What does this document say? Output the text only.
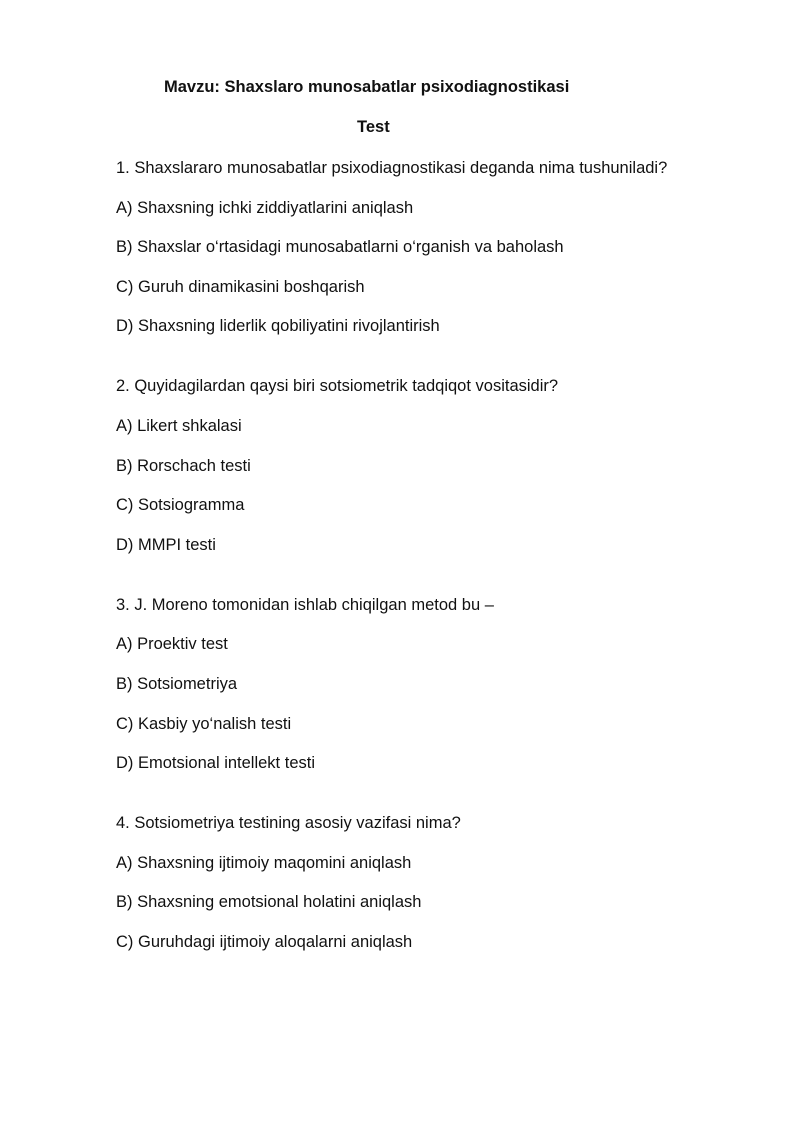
Mavzu: Shaxslaro munosabatlar psixodiagnostikasi
Test
1. Shaxslararo munosabatlar psixodiagnostikasi deganda nima tushuniladi?
A) Shaxsning ichki ziddiyatlarini aniqlash
B) Shaxslar o‘rtasidagi munosabatlarni o‘rganish va baholash
C) Guruh dinamikasini boshqarish
D) Shaxsning liderlik qobiliyatini rivojlantirish
2. Quyidagilardan qaysi biri sotsiometrik tadqiqot vositasidir?
A) Likert shkalasi
B) Rorschach testi
C) Sotsiogramma
D) MMPI testi
3. J. Moreno tomonidan ishlab chiqilgan metod bu –
A) Proektiv test
B) Sotsiometriya
C) Kasbiy yo‘nalish testi
D) Emotsional intellekt testi
4. Sotsiometriya testining asosiy vazifasi nima?
A) Shaxsning ijtimoiy maqomini aniqlash
B) Shaxsning emotsional holatini aniqlash
C) Guruhdagi ijtimoiy aloqalarni aniqlash
